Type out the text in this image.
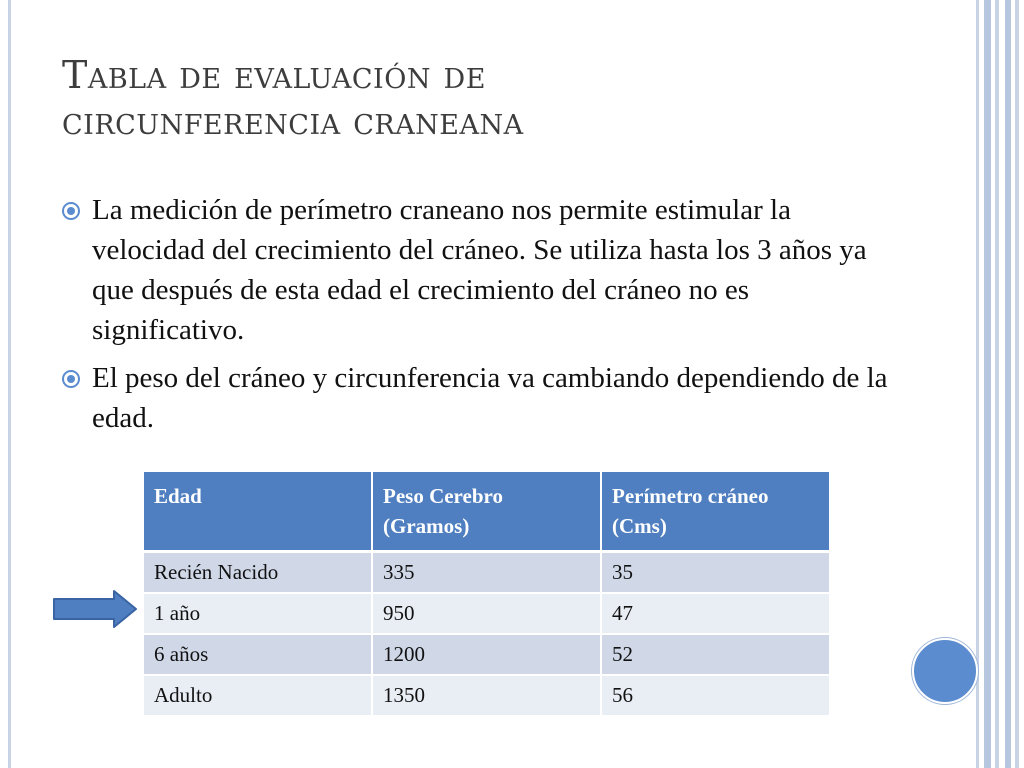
Tabla de evaluación de
circunferencia craneana
La medición de perímetro craneano nos permite estimular la velocidad del crecimiento del cráneo. Se utiliza hasta los 3 años ya que después de esta edad el crecimiento del cráneo no es significativo.
El peso del cráneo y circunferencia va cambiando dependiendo de la edad.
Edad	Peso Cerebro (Gramos)	Perímetro cráneo (Cms)
Recién Nacido	335	35
1 año	950	47
6 años	1200	52
Adulto	1350	56
